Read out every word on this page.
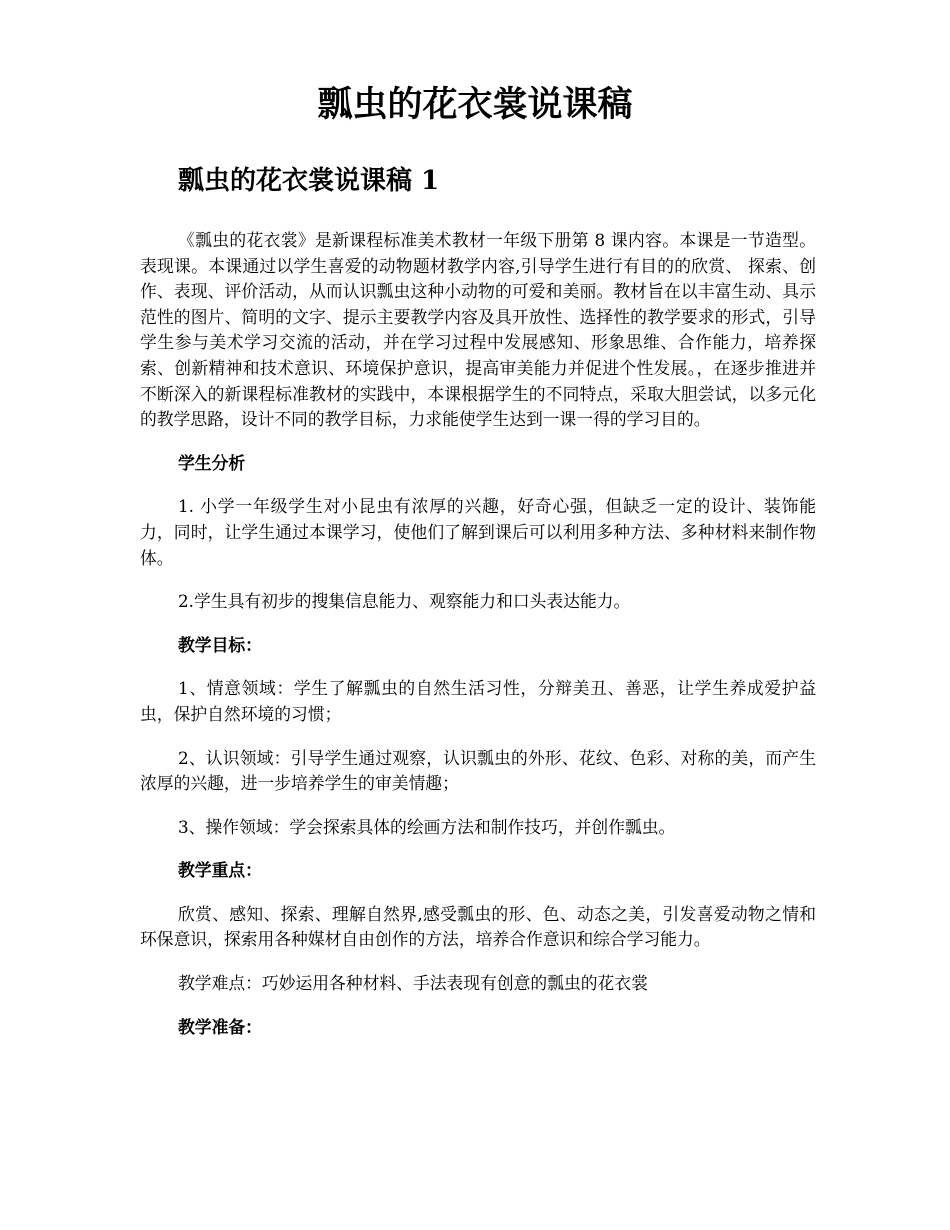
瓢虫的花衣裳说课稿
瓢虫的花衣裳说课稿 1

《瓢虫的花衣裳》是新课程标准美术教材一年级下册第 8 课内容。本课是一节造型。表现课。本课通过以学生喜爱的动物题材教学内容,引导学生进行有目的的欣赏、 探索、创作、表现、评价活动，从而认识瓢虫这种小动物的可爱和美丽。教材旨在以丰富生动、具示范性的图片、简明的文字、提示主要教学内容及具开放性、选择性的教学要求的形式，引导学生参与美术学习交流的活动，并在学习过程中发展感知、形象思维、合作能力，培养探索、创新精神和技术意识、环境保护意识，提高审美能力并促进个性发展。，在逐步推进并不断深入的新课程标准教材的实践中，本课根据学生的不同特点，采取大胆尝试，以多元化的教学思路，设计不同的教学目标，力求能使学生达到一课一得的学习目的。

学生分析

1. 小学一年级学生对小昆虫有浓厚的兴趣，好奇心强，但缺乏一定的设计、装饰能力，同时，让学生通过本课学习，使他们了解到课后可以利用多种方法、多种材料来制作物体。

2.学生具有初步的搜集信息能力、观察能力和口头表达能力。

教学目标：

1、情意领域：学生了解瓢虫的自然生活习性，分辩美丑、善恶，让学生养成爱护益虫，保护自然环境的习惯；

2、认识领域：引导学生通过观察，认识瓢虫的外形、花纹、色彩、对称的美，而产生浓厚的兴趣，进一步培养学生的审美情趣；

3、操作领域：学会探索具体的绘画方法和制作技巧，并创作瓢虫。

教学重点：

欣赏、感知、探索、理解自然界,感受瓢虫的形、色、动态之美，引发喜爱动物之情和环保意识，探索用各种媒材自由创作的方法，培养合作意识和综合学习能力。

教学难点：巧妙运用各种材料、手法表现有创意的瓢虫的花衣裳

教学准备：
